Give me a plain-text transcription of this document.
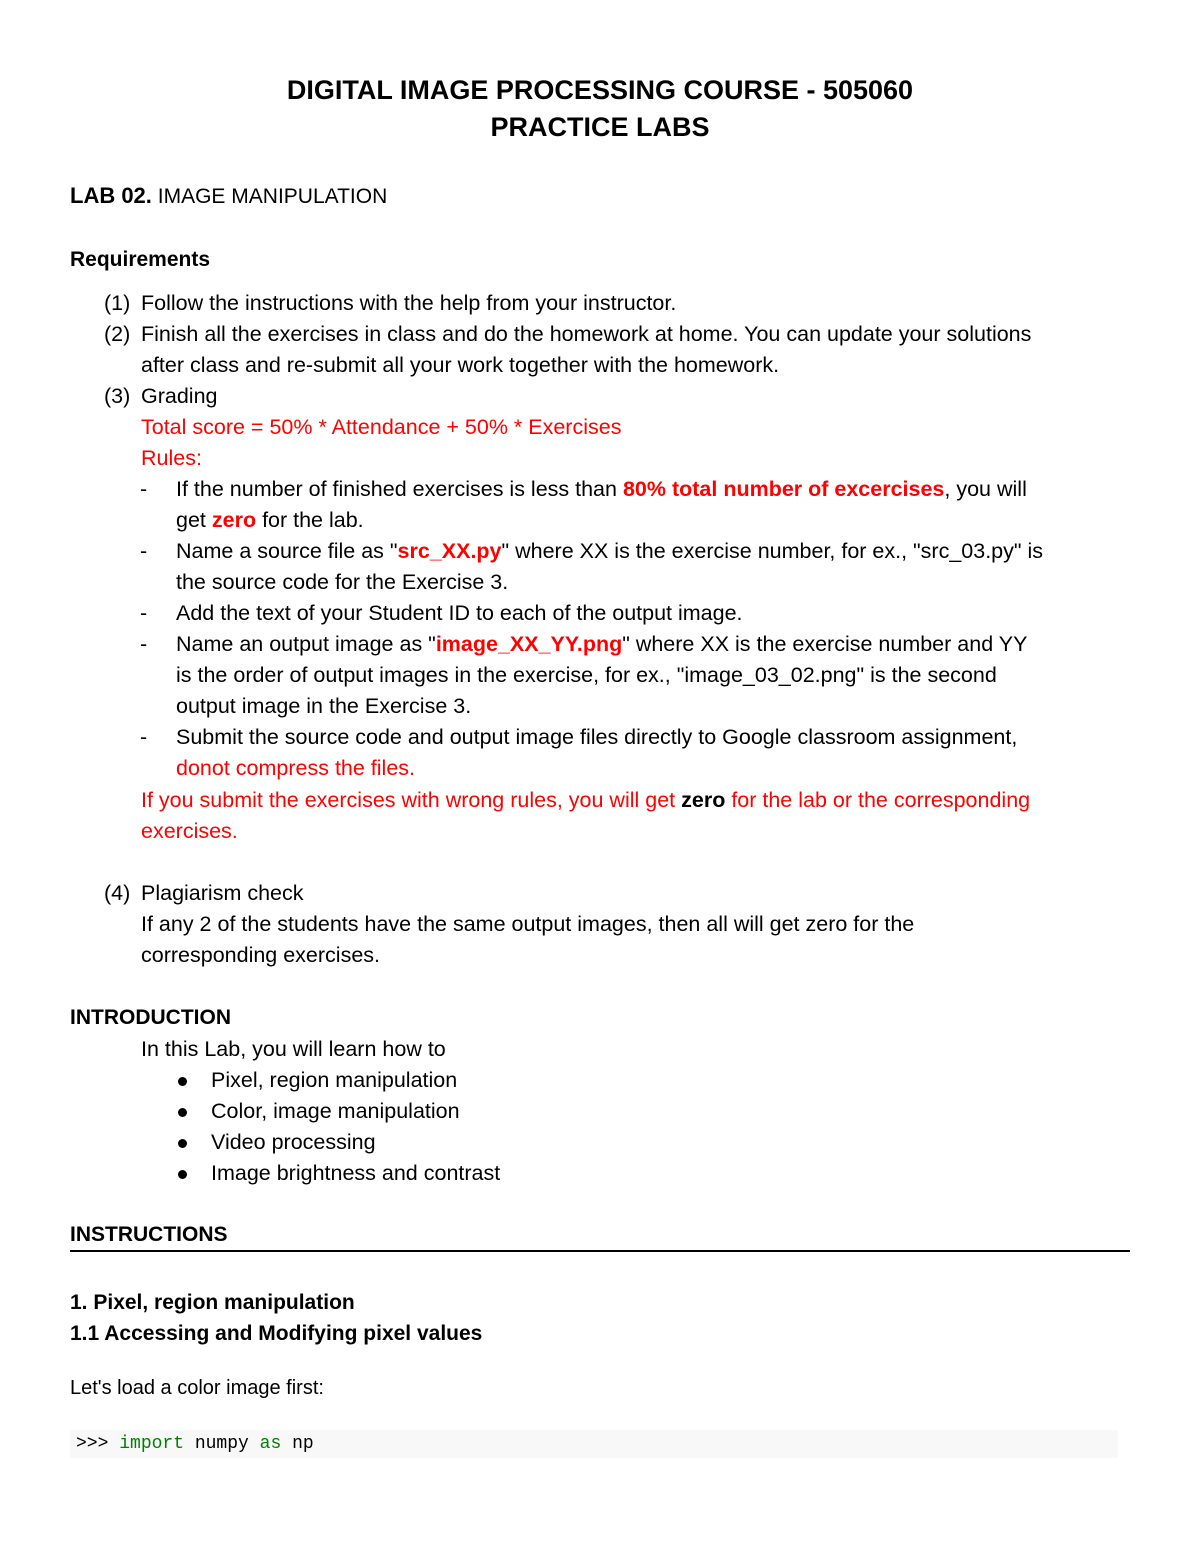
DIGITAL IMAGE PROCESSING COURSE - 505060
PRACTICE LABS
LAB 02. IMAGE MANIPULATION
Requirements
(1) Follow the instructions with the help from your instructor.
(2) Finish all the exercises in class and do the homework at home. You can update your solutions
after class and re-submit all your work together with the homework.
(3) Grading
Total score = 50% * Attendance + 50% * Exercises
Rules:
- If the number of finished exercises is less than 80% total number of excercises, you will
get zero for the lab.
- Name a source file as "src_XX.py" where XX is the exercise number, for ex., "src_03.py" is
the source code for the Exercise 3.
- Add the text of your Student ID to each of the output image.
- Name an output image as "image_XX_YY.png" where XX is the exercise number and YY
is the order of output images in the exercise, for ex., "image_03_02.png" is the second
output image in the Exercise 3.
- Submit the source code and output image files directly to Google classroom assignment,
donot compress the files.
If you submit the exercises with wrong rules, you will get zero for the lab or the corresponding
exercises.
(4) Plagiarism check
If any 2 of the students have the same output images, then all will get zero for the
corresponding exercises.
INTRODUCTION
In this Lab, you will learn how to
Pixel, region manipulation
Color, image manipulation
Video processing
Image brightness and contrast
INSTRUCTIONS
1. Pixel, region manipulation
1.1 Accessing and Modifying pixel values
Let's load a color image first:
>>> import numpy as np
